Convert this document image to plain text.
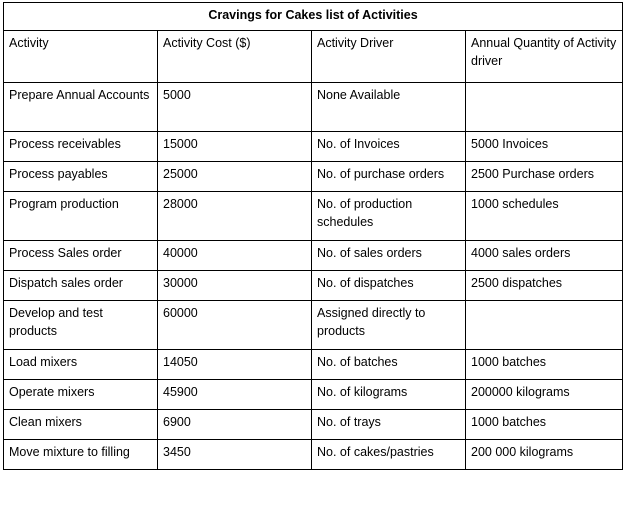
Cravings for Cakes list of Activities			
Activity	Activity Cost ($)	Activity Driver	Annual Quantity of Activity driver
Prepare Annual Accounts	5000	None Available	
Process receivables	15000	No. of Invoices	5000 Invoices
Process payables	25000	No. of purchase orders	2500 Purchase orders
Program production	28000	No. of production schedules	1000 schedules
Process Sales order	40000	No. of sales orders	4000 sales orders
Dispatch sales order	30000	No. of dispatches	2500 dispatches
Develop and test products	60000	Assigned directly to products	
Load mixers	14050	No. of batches	1000 batches
Operate mixers	45900	No. of kilograms	200000 kilograms
Clean mixers	6900	No. of trays	1000 batches
Move mixture to filling	3450	No. of cakes/pastries	200 000 kilograms
